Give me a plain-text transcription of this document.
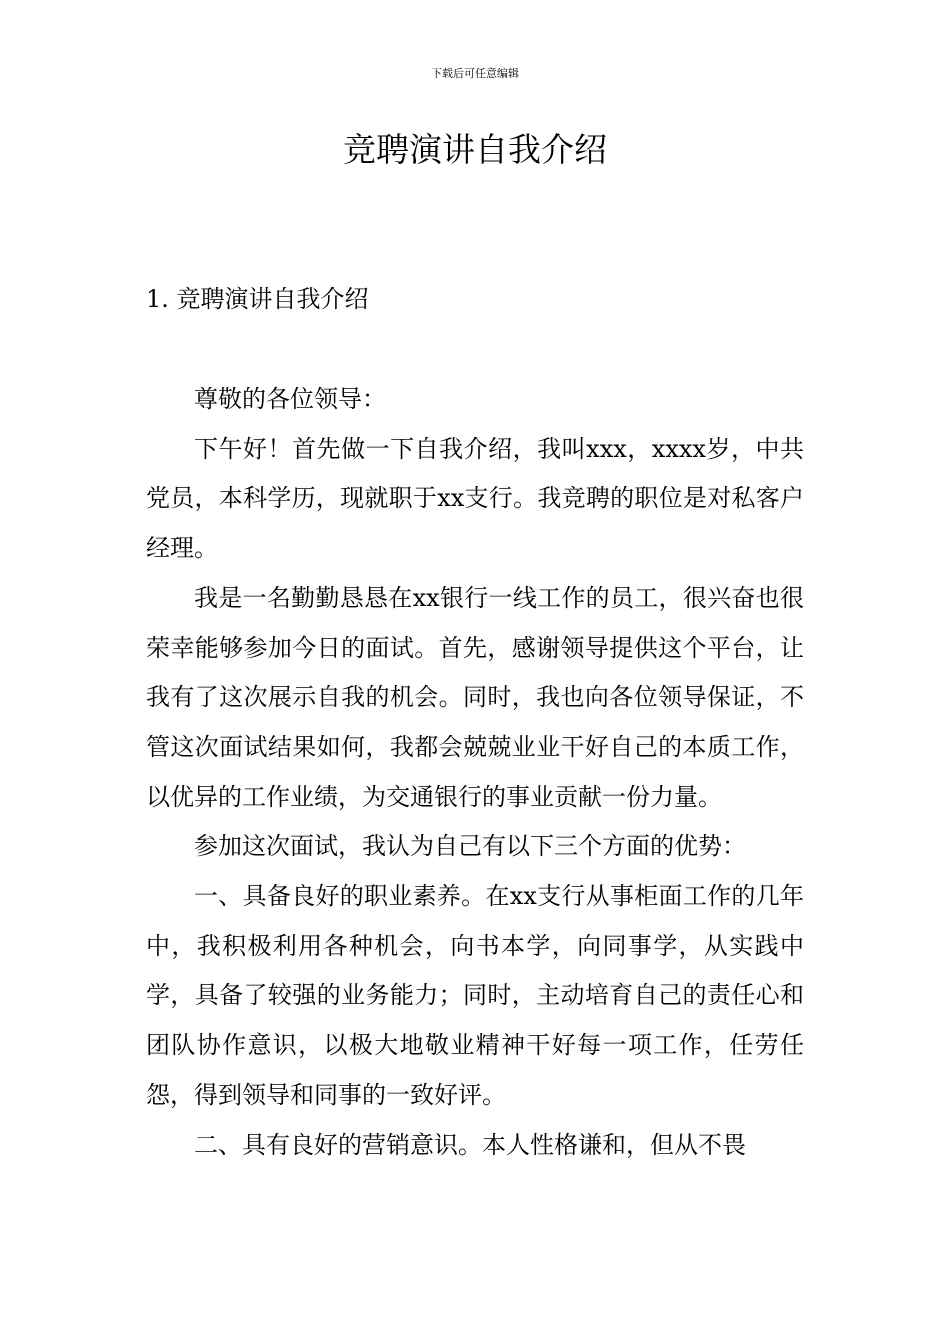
下载后可任意编辑
竞聘演讲自我介绍
1. 竞聘演讲自我介绍

尊敬的各位领导：

下午好！首先做一下自我介绍，我叫xxx，xxxx岁，中共党员，本科学历，现就职于xx支行。我竞聘的职位是对私客户经理。

我是一名勤勤恳恳在xx银行一线工作的员工，很兴奋也很荣幸能够参加今日的面试。首先，感谢领导提供这个平台，让我有了这次展示自我的机会。同时，我也向各位领导保证，不管这次面试结果如何，我都会兢兢业业干好自己的本质工作，以优异的工作业绩，为交通银行的事业贡献一份力量。

参加这次面试，我认为自己有以下三个方面的优势：

一、具备良好的职业素养。在xx支行从事柜面工作的几年中，我积极利用各种机会，向书本学，向同事学，从实践中学，具备了较强的业务能力；同时，主动培育自己的责任心和团队协作意识，以极大地敬业精神干好每一项工作，任劳任怨，得到领导和同事的一致好评。

二、具有良好的营销意识。本人性格谦和，但从不畏
